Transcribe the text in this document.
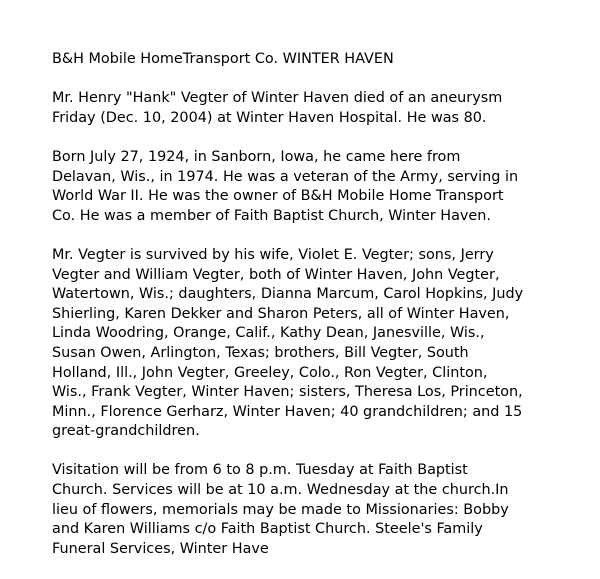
B&H Mobile HomeTransport Co. WINTER HAVEN

Mr. Henry "Hank" Vegter of Winter Haven died of an aneurysm
Friday (Dec. 10, 2004) at Winter Haven Hospital. He was 80.

Born July 27, 1924, in Sanborn, Iowa, he came here from
Delavan, Wis., in 1974. He was a veteran of the Army, serving in
World War II. He was the owner of B&H Mobile Home Transport
Co. He was a member of Faith Baptist Church, Winter Haven.

Mr. Vegter is survived by his wife, Violet E. Vegter; sons, Jerry
Vegter and William Vegter, both of Winter Haven, John Vegter,
Watertown, Wis.; daughters, Dianna Marcum, Carol Hopkins, Judy
Shierling, Karen Dekker and Sharon Peters, all of Winter Haven,
Linda Woodring, Orange, Calif., Kathy Dean, Janesville, Wis.,
Susan Owen, Arlington, Texas; brothers, Bill Vegter, South
Holland, Ill., John Vegter, Greeley, Colo., Ron Vegter, Clinton,
Wis., Frank Vegter, Winter Haven; sisters, Theresa Los, Princeton,
Minn., Florence Gerharz, Winter Haven; 40 grandchildren; and 15
great-grandchildren.

Visitation will be from 6 to 8 p.m. Tuesday at Faith Baptist
Church. Services will be at 10 a.m. Wednesday at the church.In
lieu of flowers, memorials may be made to Missionaries: Bobby
and Karen Williams c/o Faith Baptist Church. Steele's Family
Funeral Services, Winter Have
